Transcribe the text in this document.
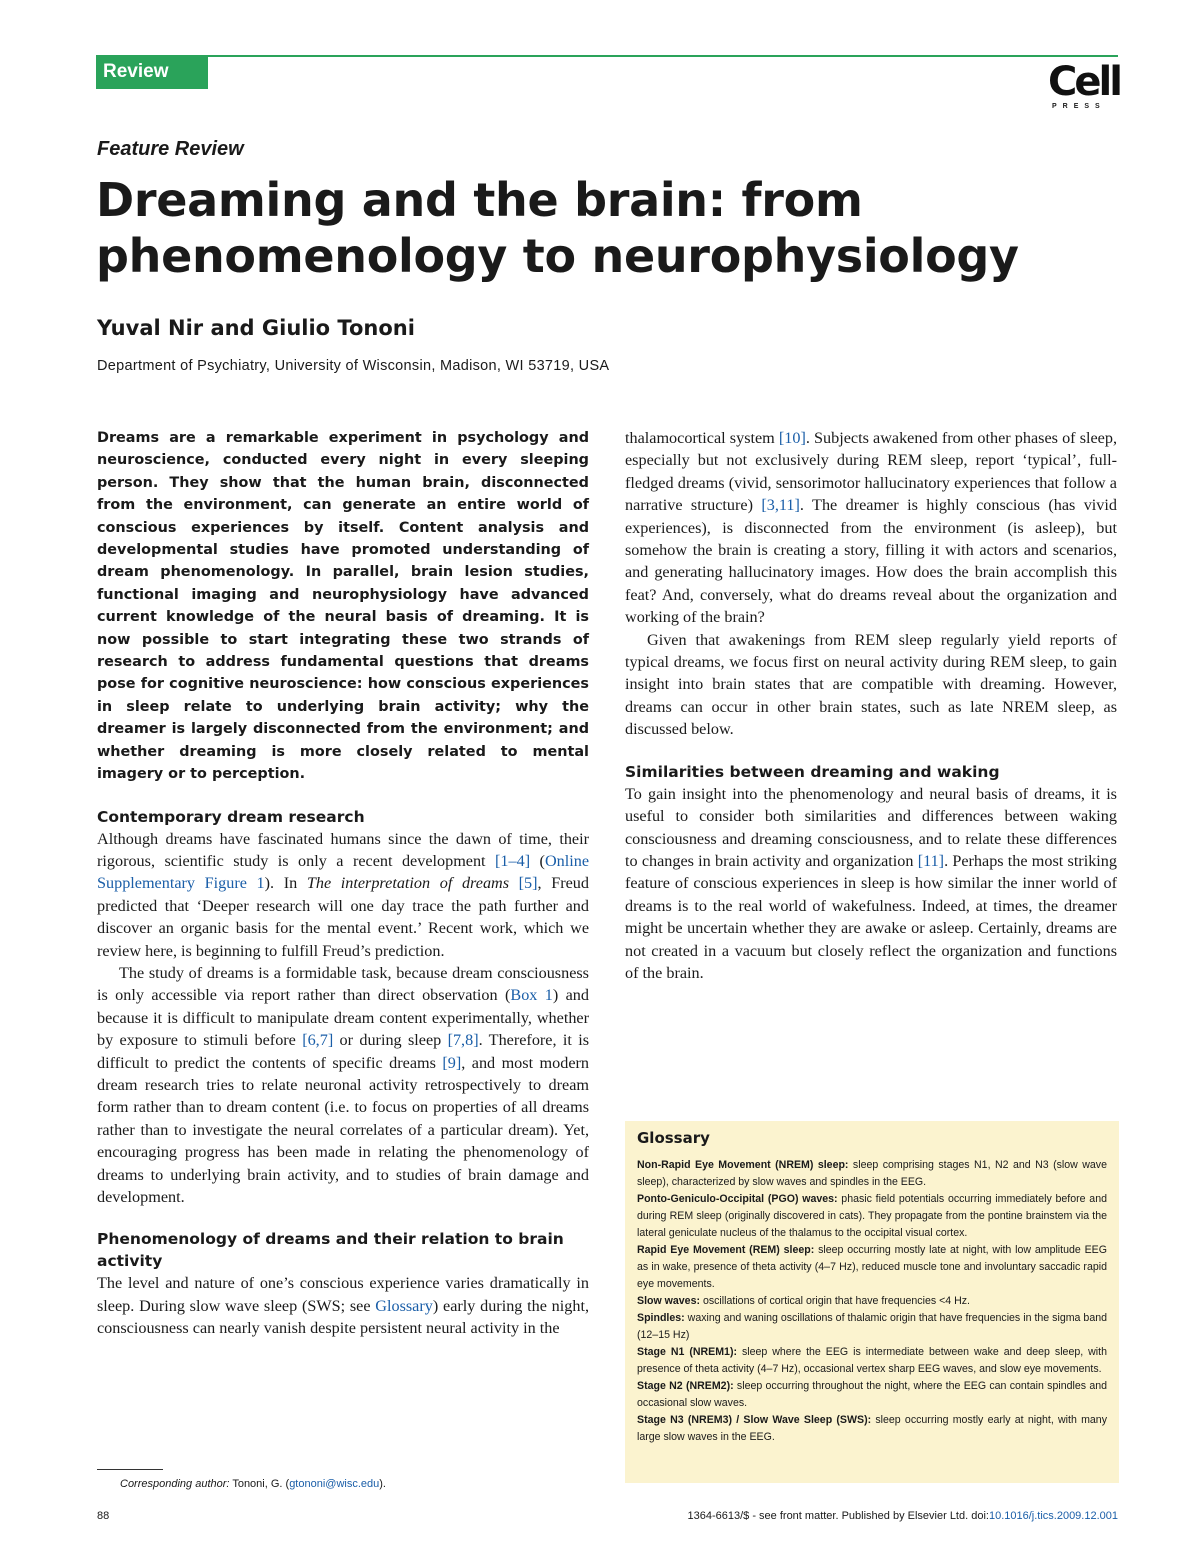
Review	Cell
PRESS
Feature Review
Dreaming and the brain: from
phenomenology to neurophysiology
Yuval Nir and Giulio Tononi
Department of Psychiatry, University of Wisconsin, Madison, WI 53719, USA

Dreams are a remarkable experiment in psychology and neuroscience, conducted every night in every sleeping person. They show that the human brain, disconnected from the environment, can generate an entire world of conscious experiences by itself. Content analysis and developmental studies have promoted understanding of dream phenomenology. In parallel, brain lesion studies, functional imaging and neurophysiology have advanced current knowledge of the neural basis of dreaming. It is now possible to start integrating these two strands of research to address fundamental questions that dreams pose for cognitive neuroscience: how conscious experiences in sleep relate to underlying brain activity; why the dreamer is largely disconnected from the environment; and whether dreaming is more closely related to mental imagery or to perception.

Contemporary dream research

Although dreams have fascinated humans since the dawn of time, their rigorous, scientific study is only a recent development [1–4] (Online Supplementary Figure 1). In The interpretation of dreams [5], Freud predicted that ‘Deeper research will one day trace the path further and discover an organic basis for the mental event.’ Recent work, which we review here, is beginning to fulfill Freud’s prediction.

The study of dreams is a formidable task, because dream consciousness is only accessible via report rather than direct observation (Box 1) and because it is difficult to manipulate dream content experimentally, whether by exposure to stimuli before [6,7] or during sleep [7,8]. Therefore, it is difficult to predict the contents of specific dreams [9], and most modern dream research tries to relate neuronal activity retrospectively to dream form rather than to dream content (i.e. to focus on properties of all dreams rather than to investigate the neural correlates of a particular dream). Yet, encouraging progress has been made in relating the phenomenology of dreams to underlying brain activity, and to studies of brain damage and development.

Phenomenology of dreams and their relation to brain activity

The level and nature of one’s conscious experience varies dramatically in sleep. During slow wave sleep (SWS; see Glossary) early during the night, consciousness can nearly vanish despite persistent neural activity in the

thalamocortical system [10]. Subjects awakened from other phases of sleep, especially but not exclusively during REM sleep, report ‘typical’, full-fledged dreams (vivid, sensorimotor hallucinatory experiences that follow a narrative structure) [3,11]. The dreamer is highly conscious (has vivid experiences), is disconnected from the environment (is asleep), but somehow the brain is creating a story, filling it with actors and scenarios, and generating hallucinatory images. How does the brain accomplish this feat? And, conversely, what do dreams reveal about the organization and working of the brain?

Given that awakenings from REM sleep regularly yield reports of typical dreams, we focus first on neural activity during REM sleep, to gain insight into brain states that are compatible with dreaming. However, dreams can occur in other brain states, such as late NREM sleep, as discussed below.

Similarities between dreaming and waking

To gain insight into the phenomenology and neural basis of dreams, it is useful to consider both similarities and differences between waking consciousness and dreaming consciousness, and to relate these differences to changes in brain activity and organization [11]. Perhaps the most striking feature of conscious experiences in sleep is how similar the inner world of dreams is to the real world of wakefulness. Indeed, at times, the dreamer might be uncertain whether they are awake or asleep. Certainly, dreams are not created in a vacuum but closely reflect the organization and functions of the brain.

Glossary

Non-Rapid Eye Movement (NREM) sleep: sleep comprising stages N1, N2 and N3 (slow wave sleep), characterized by slow waves and spindles in the EEG.

Ponto-Geniculo-Occipital (PGO) waves: phasic field potentials occurring immediately before and during REM sleep (originally discovered in cats). They propagate from the pontine brainstem via the lateral geniculate nucleus of the thalamus to the occipital visual cortex.

Rapid Eye Movement (REM) sleep: sleep occurring mostly late at night, with low amplitude EEG as in wake, presence of theta activity (4–7 Hz), reduced muscle tone and involuntary saccadic rapid eye movements.

Slow waves: oscillations of cortical origin that have frequencies <4 Hz.

Spindles: waxing and waning oscillations of thalamic origin that have frequencies in the sigma band (12–15 Hz)

Stage N1 (NREM1): sleep where the EEG is intermediate between wake and deep sleep, with presence of theta activity (4–7 Hz), occasional vertex sharp EEG waves, and slow eye movements.

Stage N2 (NREM2): sleep occurring throughout the night, where the EEG can contain spindles and occasional slow waves.

Stage N3 (NREM3) / Slow Wave Sleep (SWS): sleep occurring mostly early at night, with many large slow waves in the EEG.

Corresponding author: Tononi, G. (gtononi@wisc.edu).
88	1364-6613/$ - see front matter. Published by Elsevier Ltd. doi:10.1016/j.tics.2009.12.001
